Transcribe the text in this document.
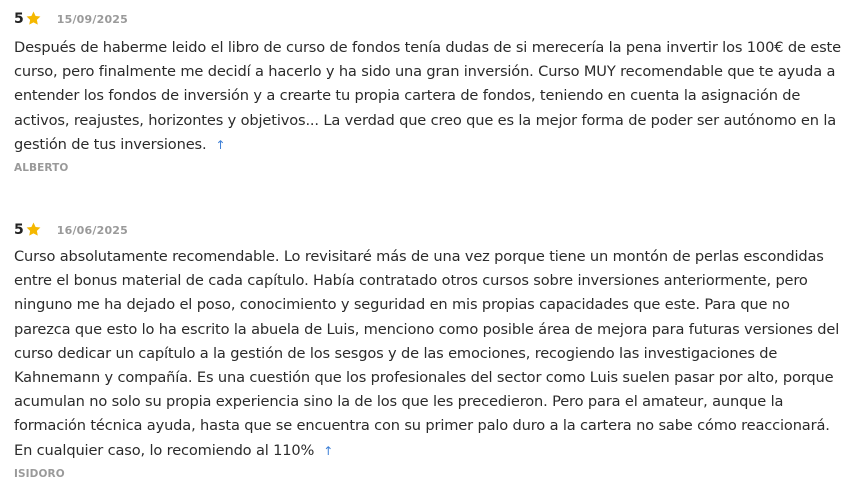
5	15/09/2025

Después de haberme leido el libro de curso de fondos tenía dudas de si merecería la pena invertir los 100€ de este curso, pero finalmente me decidí a hacerlo y ha sido una gran inversión. Curso MUY recomendable que te ayuda a entender los fondos de inversión y a crearte tu propia cartera de fondos, teniendo en cuenta la asignación de activos, reajustes, horizontes y objetivos... La verdad que creo que es la mejor forma de poder ser autónomo en la gestión de tus inversiones. ↑

ALBERTO
5	16/06/2025

Curso absolutamente recomendable. Lo revisitaré más de una vez porque tiene un montón de perlas escondidas entre el bonus material de cada capítulo. Había contratado otros cursos sobre inversiones anteriormente, pero ninguno me ha dejado el poso, conocimiento y seguridad en mis propias capacidades que este. Para que no parezca que esto lo ha escrito la abuela de Luis, menciono como posible área de mejora para futuras versiones del curso dedicar un capítulo a la gestión de los sesgos y de las emociones, recogiendo las investigaciones de Kahnemann y compañía. Es una cuestión que los profesionales del sector como Luis suelen pasar por alto, porque acumulan no solo su propia experiencia sino la de los que les precedieron. Pero para el amateur, aunque la formación técnica ayuda, hasta que se encuentra con su primer palo duro a la cartera no sabe cómo reaccionará. En cualquier caso, lo recomiendo al 110% ↑

ISIDORO
